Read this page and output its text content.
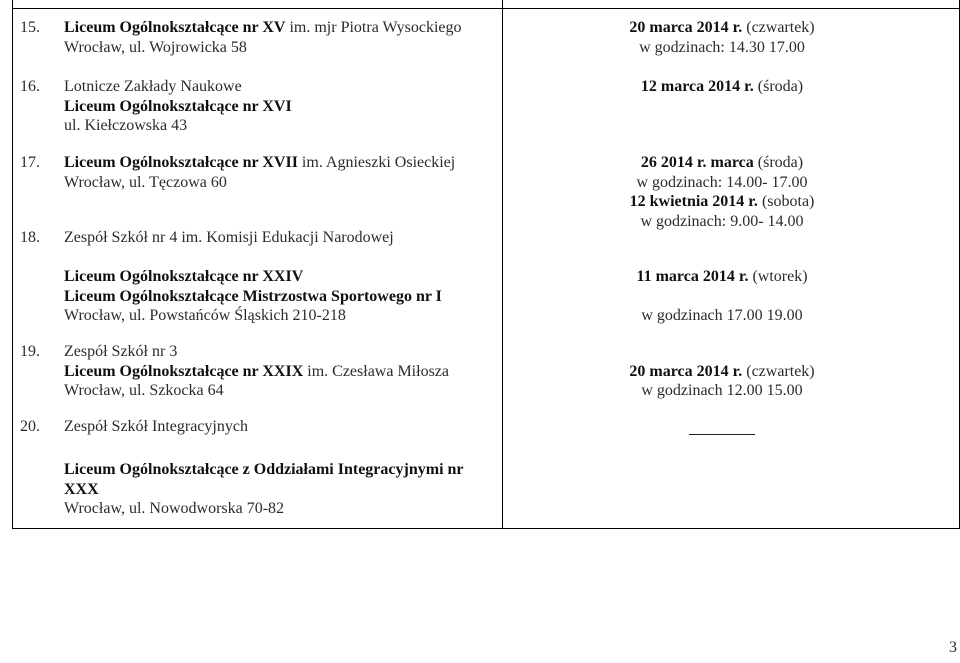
15. Liceum Ogólnokształcące nr XV im. mjr Piotra Wysockiego
Wrocław, ul. Wojrowicka 58
20 marca 2014 r. (czwartek)
w godzinach: 14.30 17.00
16. Lotnicze Zakłady Naukowe
Liceum Ogólnokształcące nr XVI
ul. Kiełczowska 43
12 marca 2014 r. (środa)
17. Liceum Ogólnokształcące nr XVII im. Agnieszki Osieckiej
Wrocław, ul. Tęczowa 60
26 2014 r. marca (środa)
w godzinach: 14.00- 17.00
12 kwietnia 2014 r. (sobota)
w godzinach: 9.00- 14.00
18. Zespół Szkół nr 4 im. Komisji Edukacji Narodowej
Liceum Ogólnokształcące nr XXIV
Liceum Ogólnokształcące Mistrzostwa Sportowego nr I
Wrocław, ul. Powstańców Śląskich 210-218
11 marca 2014 r. (wtorek)
w godzinach 17.00 19.00
19. Zespół Szkół nr 3
Liceum Ogólnokształcące nr XXIX im. Czesława Miłosza
Wrocław, ul. Szkocka 64
20 marca 2014 r. (czwartek)
w godzinach 12.00 15.00
20. Zespół Szkół Integracyjnych
Liceum Ogólnokształcące z Oddziałami Integracyjnymi nr
XXX
Wrocław, ul. Nowodworska 70-82
3
